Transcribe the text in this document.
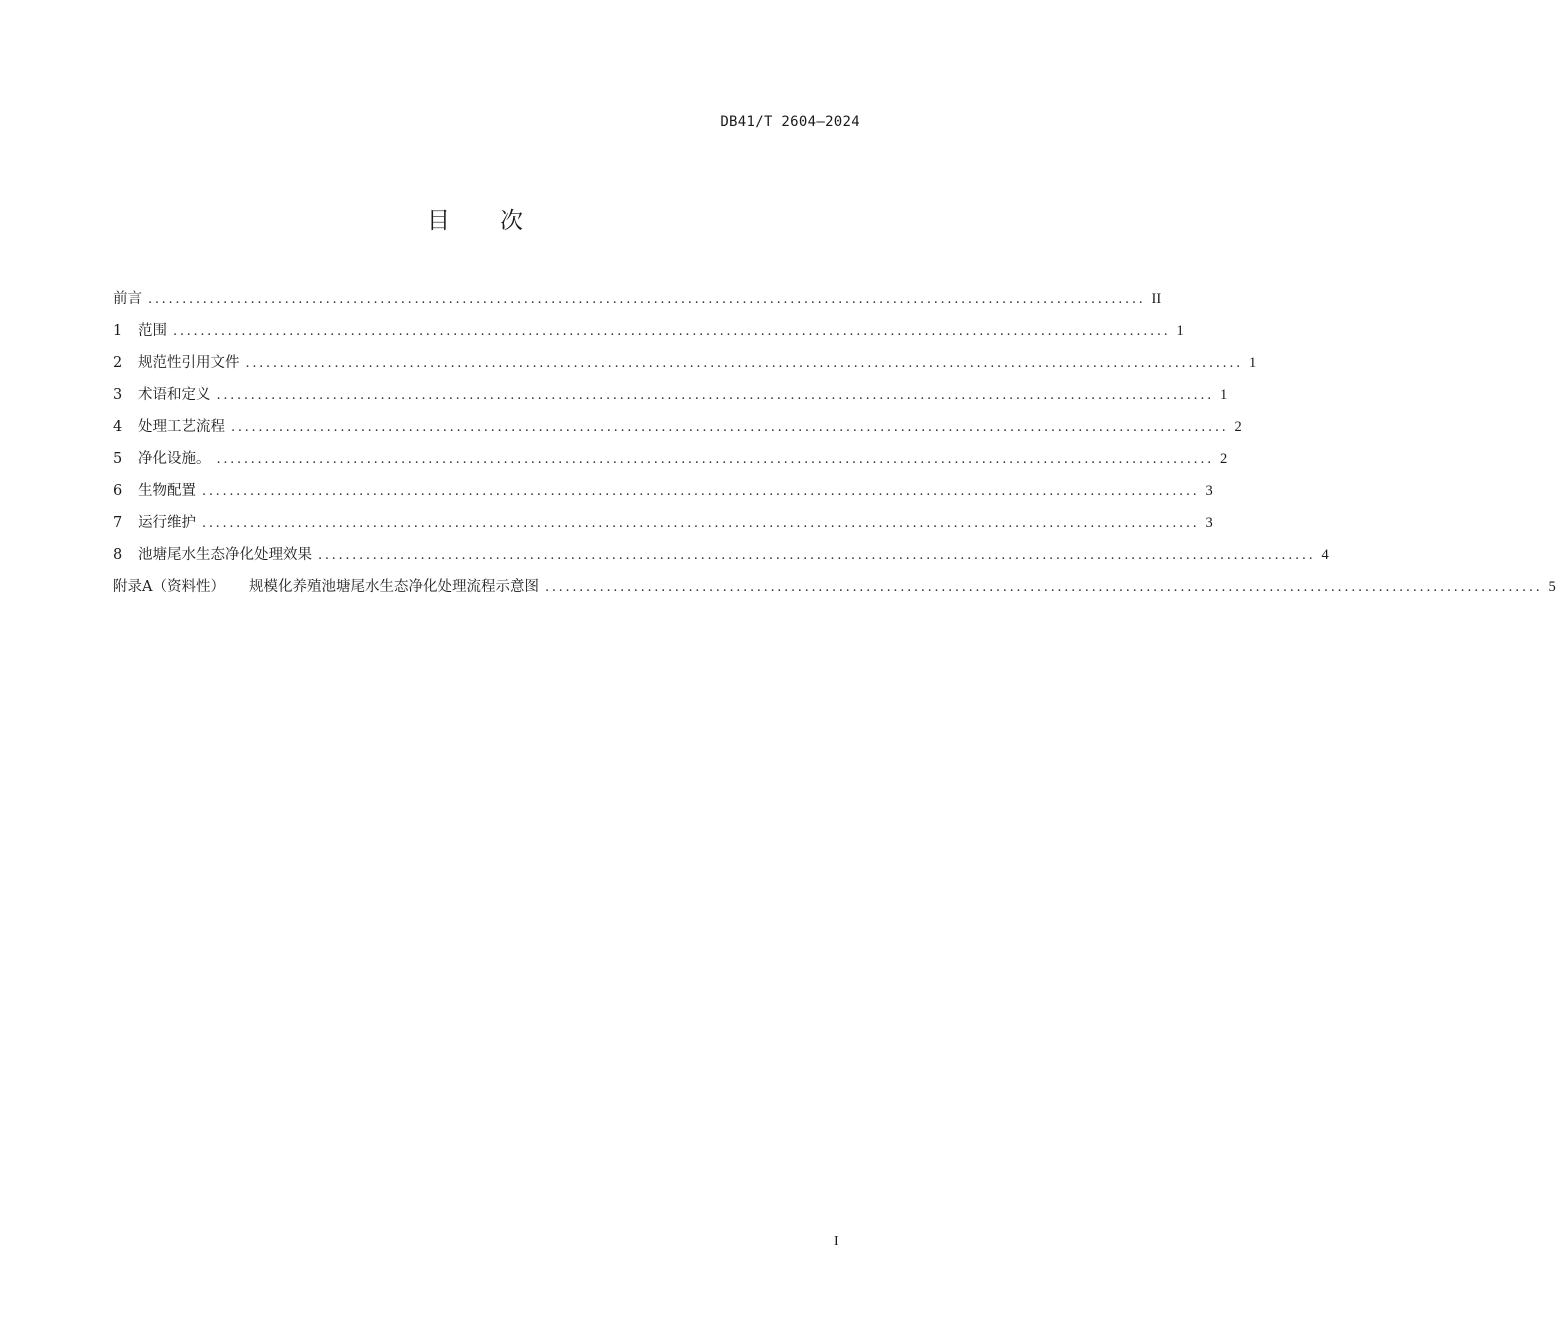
DB41/T 2604—2024
目 次
前言 .................................................................................................................................................. II
1	范围 .................................................................................................................................................. 1
2	规范性引用文件 .................................................................................................................................................. 1
3	术语和定义 .................................................................................................................................................. 1
4	处理工艺流程 .................................................................................................................................................. 2
5	净化设施。 .................................................................................................................................................. 2
6	生物配置 .................................................................................................................................................. 3
7	运行维护 .................................................................................................................................................. 3
8	池塘尾水生态净化处理效果 .................................................................................................................................................. 4
附录A（资料性） 规模化养殖池塘尾水生态净化处理流程示意图 .................................................................................................................................................. 5
I
